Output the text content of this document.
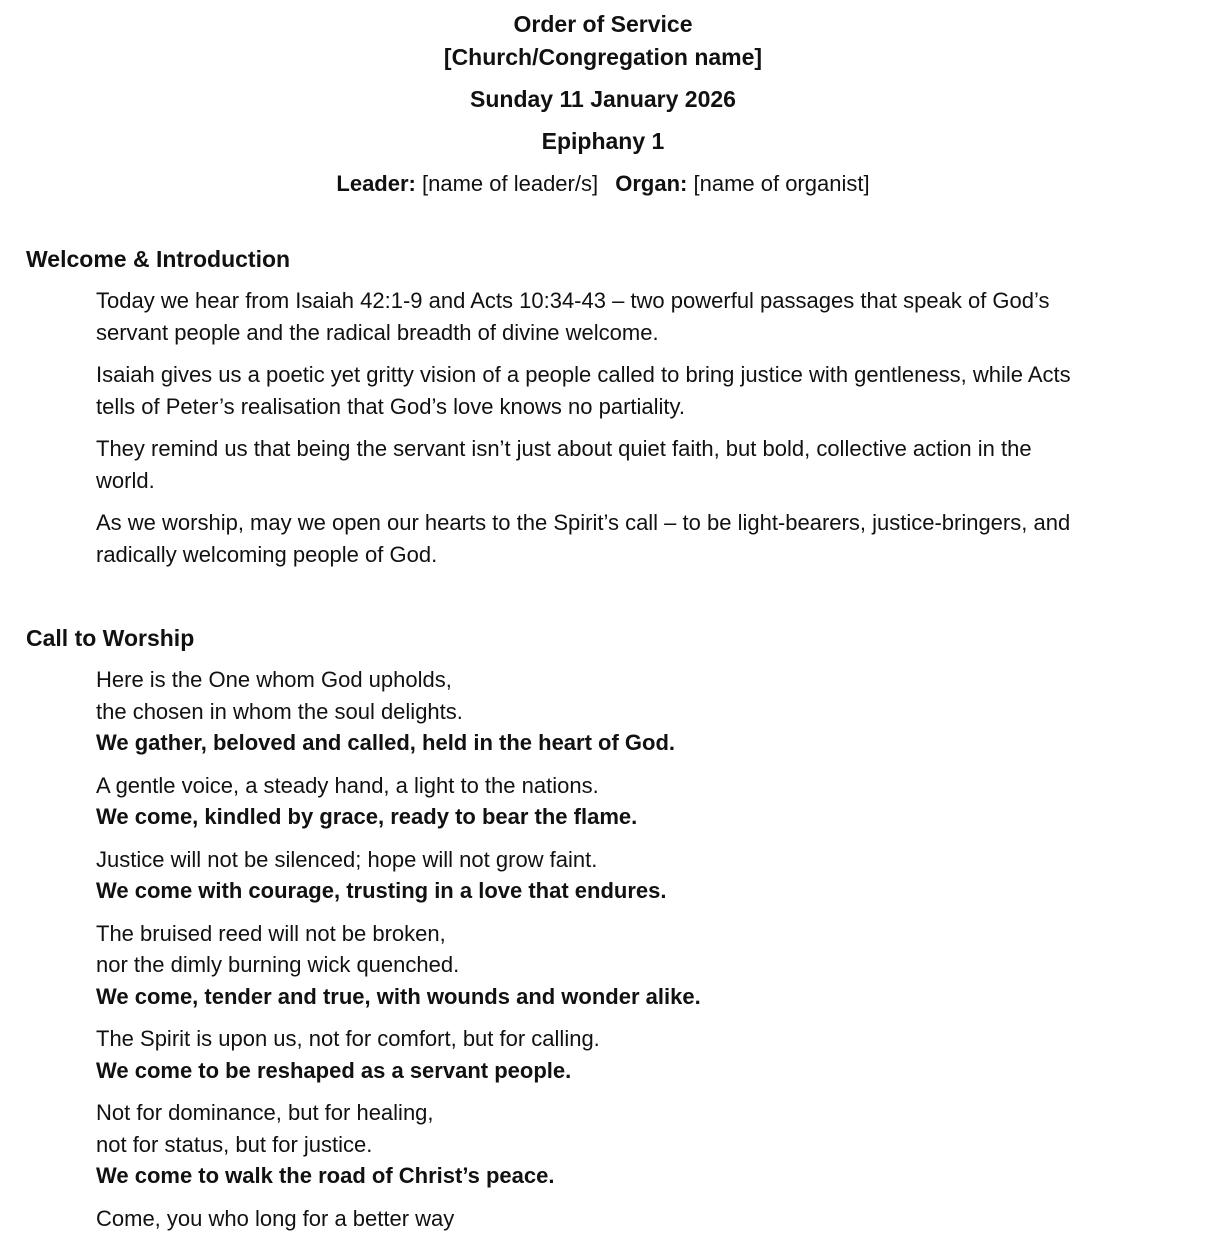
Order of Service
[Church/Congregation name]

Sunday 11 January 2026

Epiphany 1

Leader: [name of leader/s] Organ: [name of organist]

Welcome & Introduction

Today we hear from Isaiah 42:1-9 and Acts 10:34-43 – two powerful passages that speak of God’s
servant people and the radical breadth of divine welcome.

Isaiah gives us a poetic yet gritty vision of a people called to bring justice with gentleness, while Acts
tells of Peter’s realisation that God’s love knows no partiality.

They remind us that being the servant isn’t just about quiet faith, but bold, collective action in the
world.

As we worship, may we open our hearts to the Spirit’s call – to be light-bearers, justice-bringers, and
radically welcoming people of God.

Call to Worship

Here is the One whom God upholds,
the chosen in whom the soul delights.
We gather, beloved and called, held in the heart of God.

A gentle voice, a steady hand, a light to the nations.
We come, kindled by grace, ready to bear the flame.

Justice will not be silenced; hope will not grow faint.
We come with courage, trusting in a love that endures.

The bruised reed will not be broken,
nor the dimly burning wick quenched.
We come, tender and true, with wounds and wonder alike.

The Spirit is upon us, not for comfort, but for calling.
We come to be reshaped as a servant people.

Not for dominance, but for healing,
not for status, but for justice.
We come to walk the road of Christ’s peace.

Come, you who long for a better way
